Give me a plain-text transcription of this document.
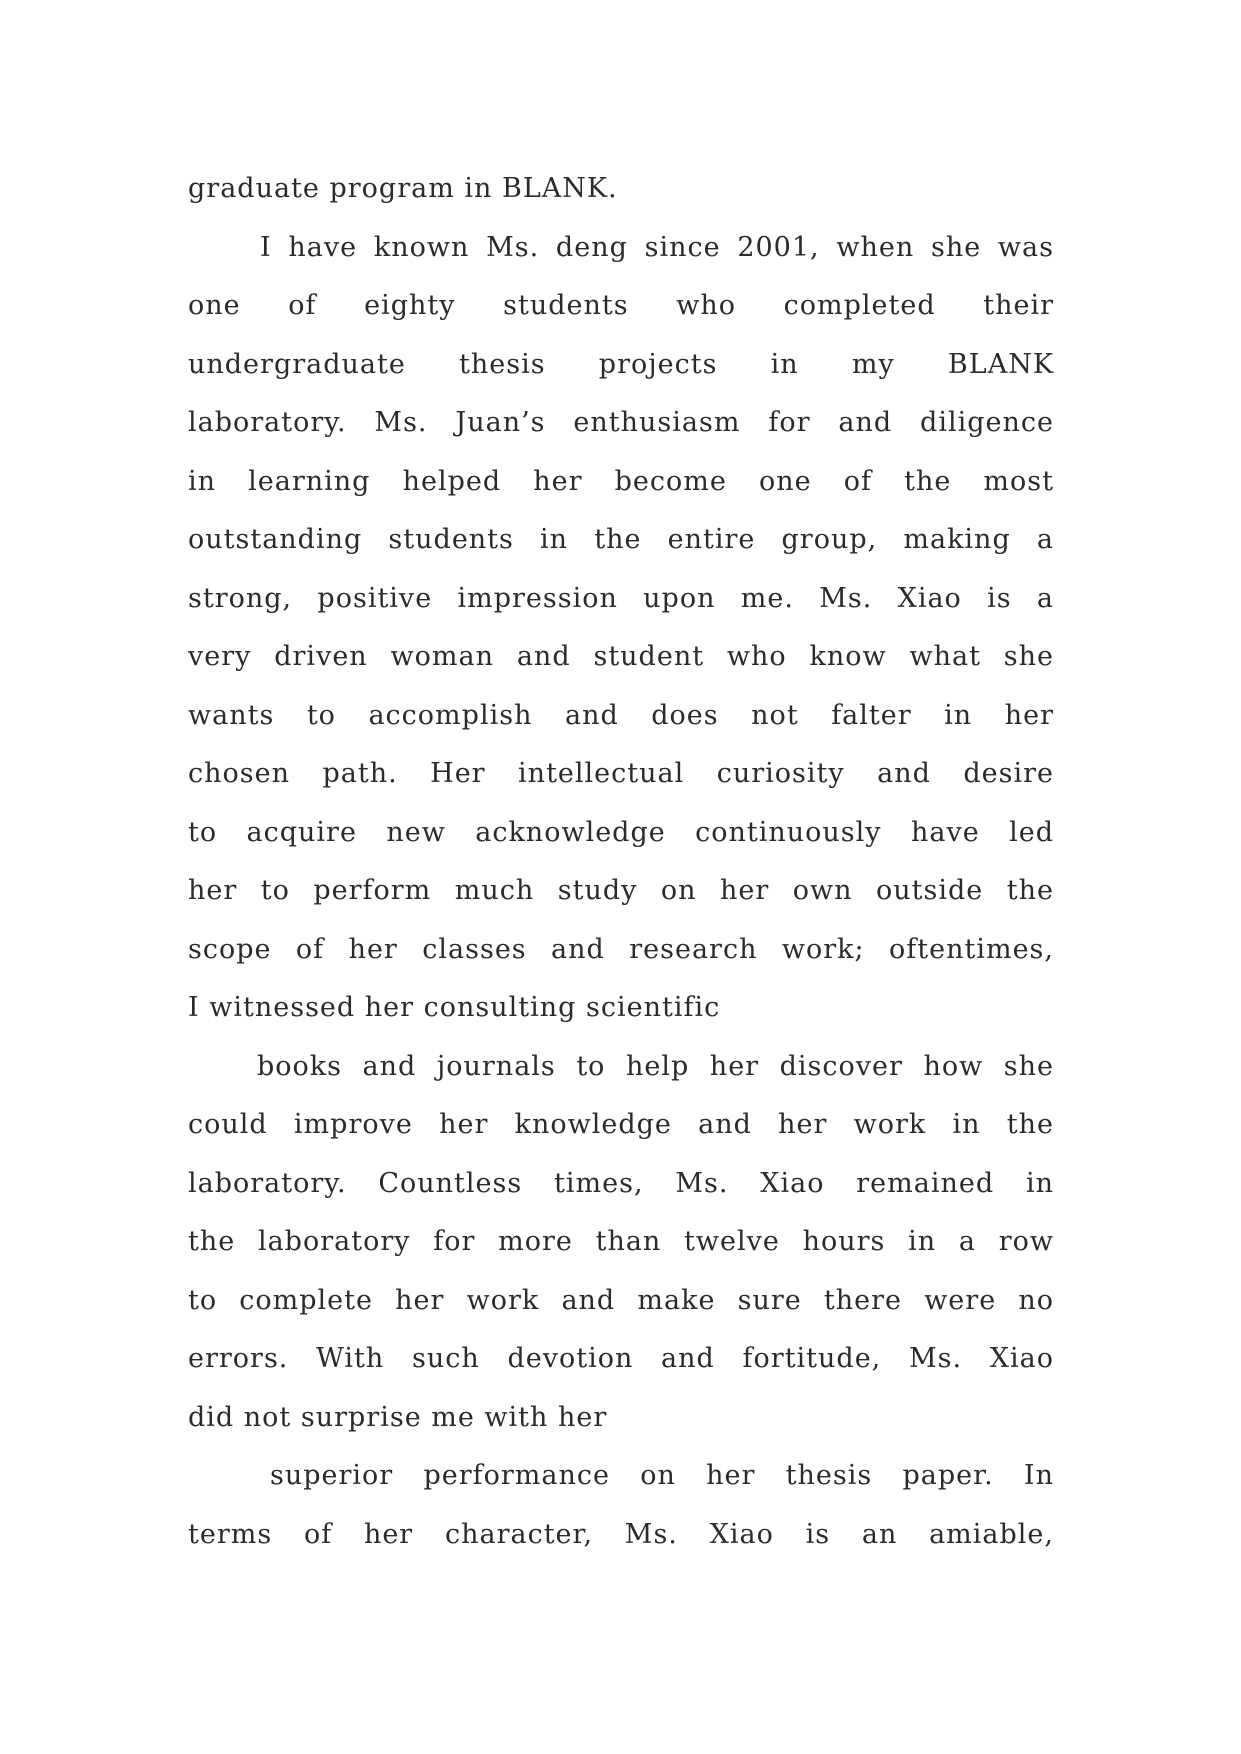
graduate program in BLANK.
I have known Ms. deng since 2001, when she was
one of eighty students who completed their
undergraduate thesis projects in my BLANK
laboratory. Ms. Juan’s enthusiasm for and diligence
in learning helped her become one of the most
outstanding students in the entire group, making a
strong, positive impression upon me. Ms. Xiao is a
very driven woman and student who know what she
wants to accomplish and does not falter in her
chosen path. Her intellectual curiosity and desire
to acquire new acknowledge continuously have led
her to perform much study on her own outside the
scope of her classes and research work; oftentimes,
I witnessed her consulting scientific
books and journals to help her discover how she
could improve her knowledge and her work in the
laboratory. Countless times, Ms. Xiao remained in
the laboratory for more than twelve hours in a row
to complete her work and make sure there were no
errors. With such devotion and fortitude, Ms. Xiao
did not surprise me with her
superior performance on her thesis paper. In
terms of her character, Ms. Xiao is an amiable,
